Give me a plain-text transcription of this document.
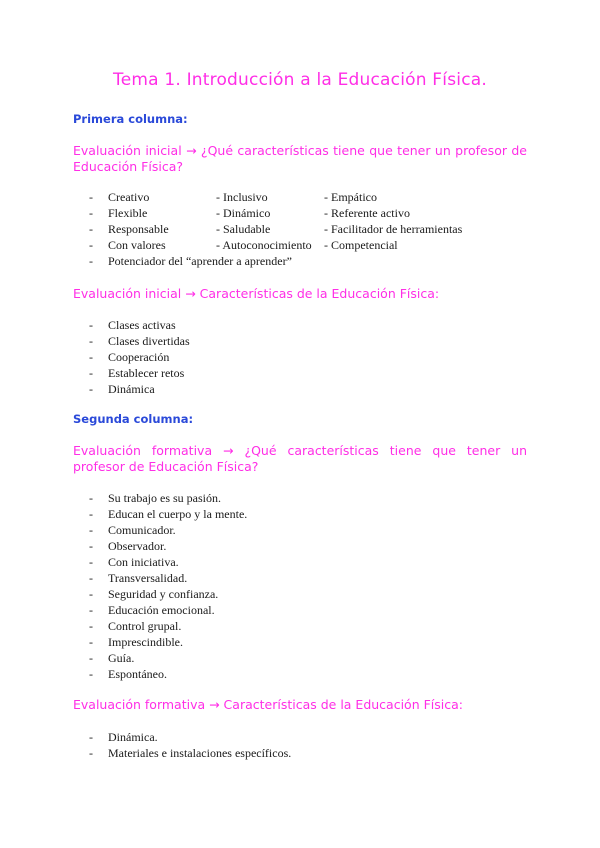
Tema 1. Introducción a la Educación Física.
Primera columna:
Evaluación inicial → ¿Qué características tiene que tener un profesor de Educación Física?
- Creativo	- Inclusivo	- Empático
- Flexible	- Dinámico	- Referente activo
- Responsable	- Saludable	- Facilitador de herramientas
- Con valores	- Autoconocimiento - Competencial
- Potenciador del “aprender a aprender”
Evaluación inicial → Características de la Educación Física:
- Clases activas
- Clases divertidas
- Cooperación
- Establecer retos
- Dinámica
Segunda columna:
Evaluación formativa → ¿Qué características tiene que tener un profesor de Educación Física?
- Su trabajo es su pasión.
- Educan el cuerpo y la mente.
- Comunicador.
- Observador.
- Con iniciativa.
- Transversalidad.
- Seguridad y confianza.
- Educación emocional.
- Control grupal.
- Imprescindible.
- Guía.
- Espontáneo.
Evaluación formativa → Características de la Educación Física:
- Dinámica.
- Materiales e instalaciones específicos.
